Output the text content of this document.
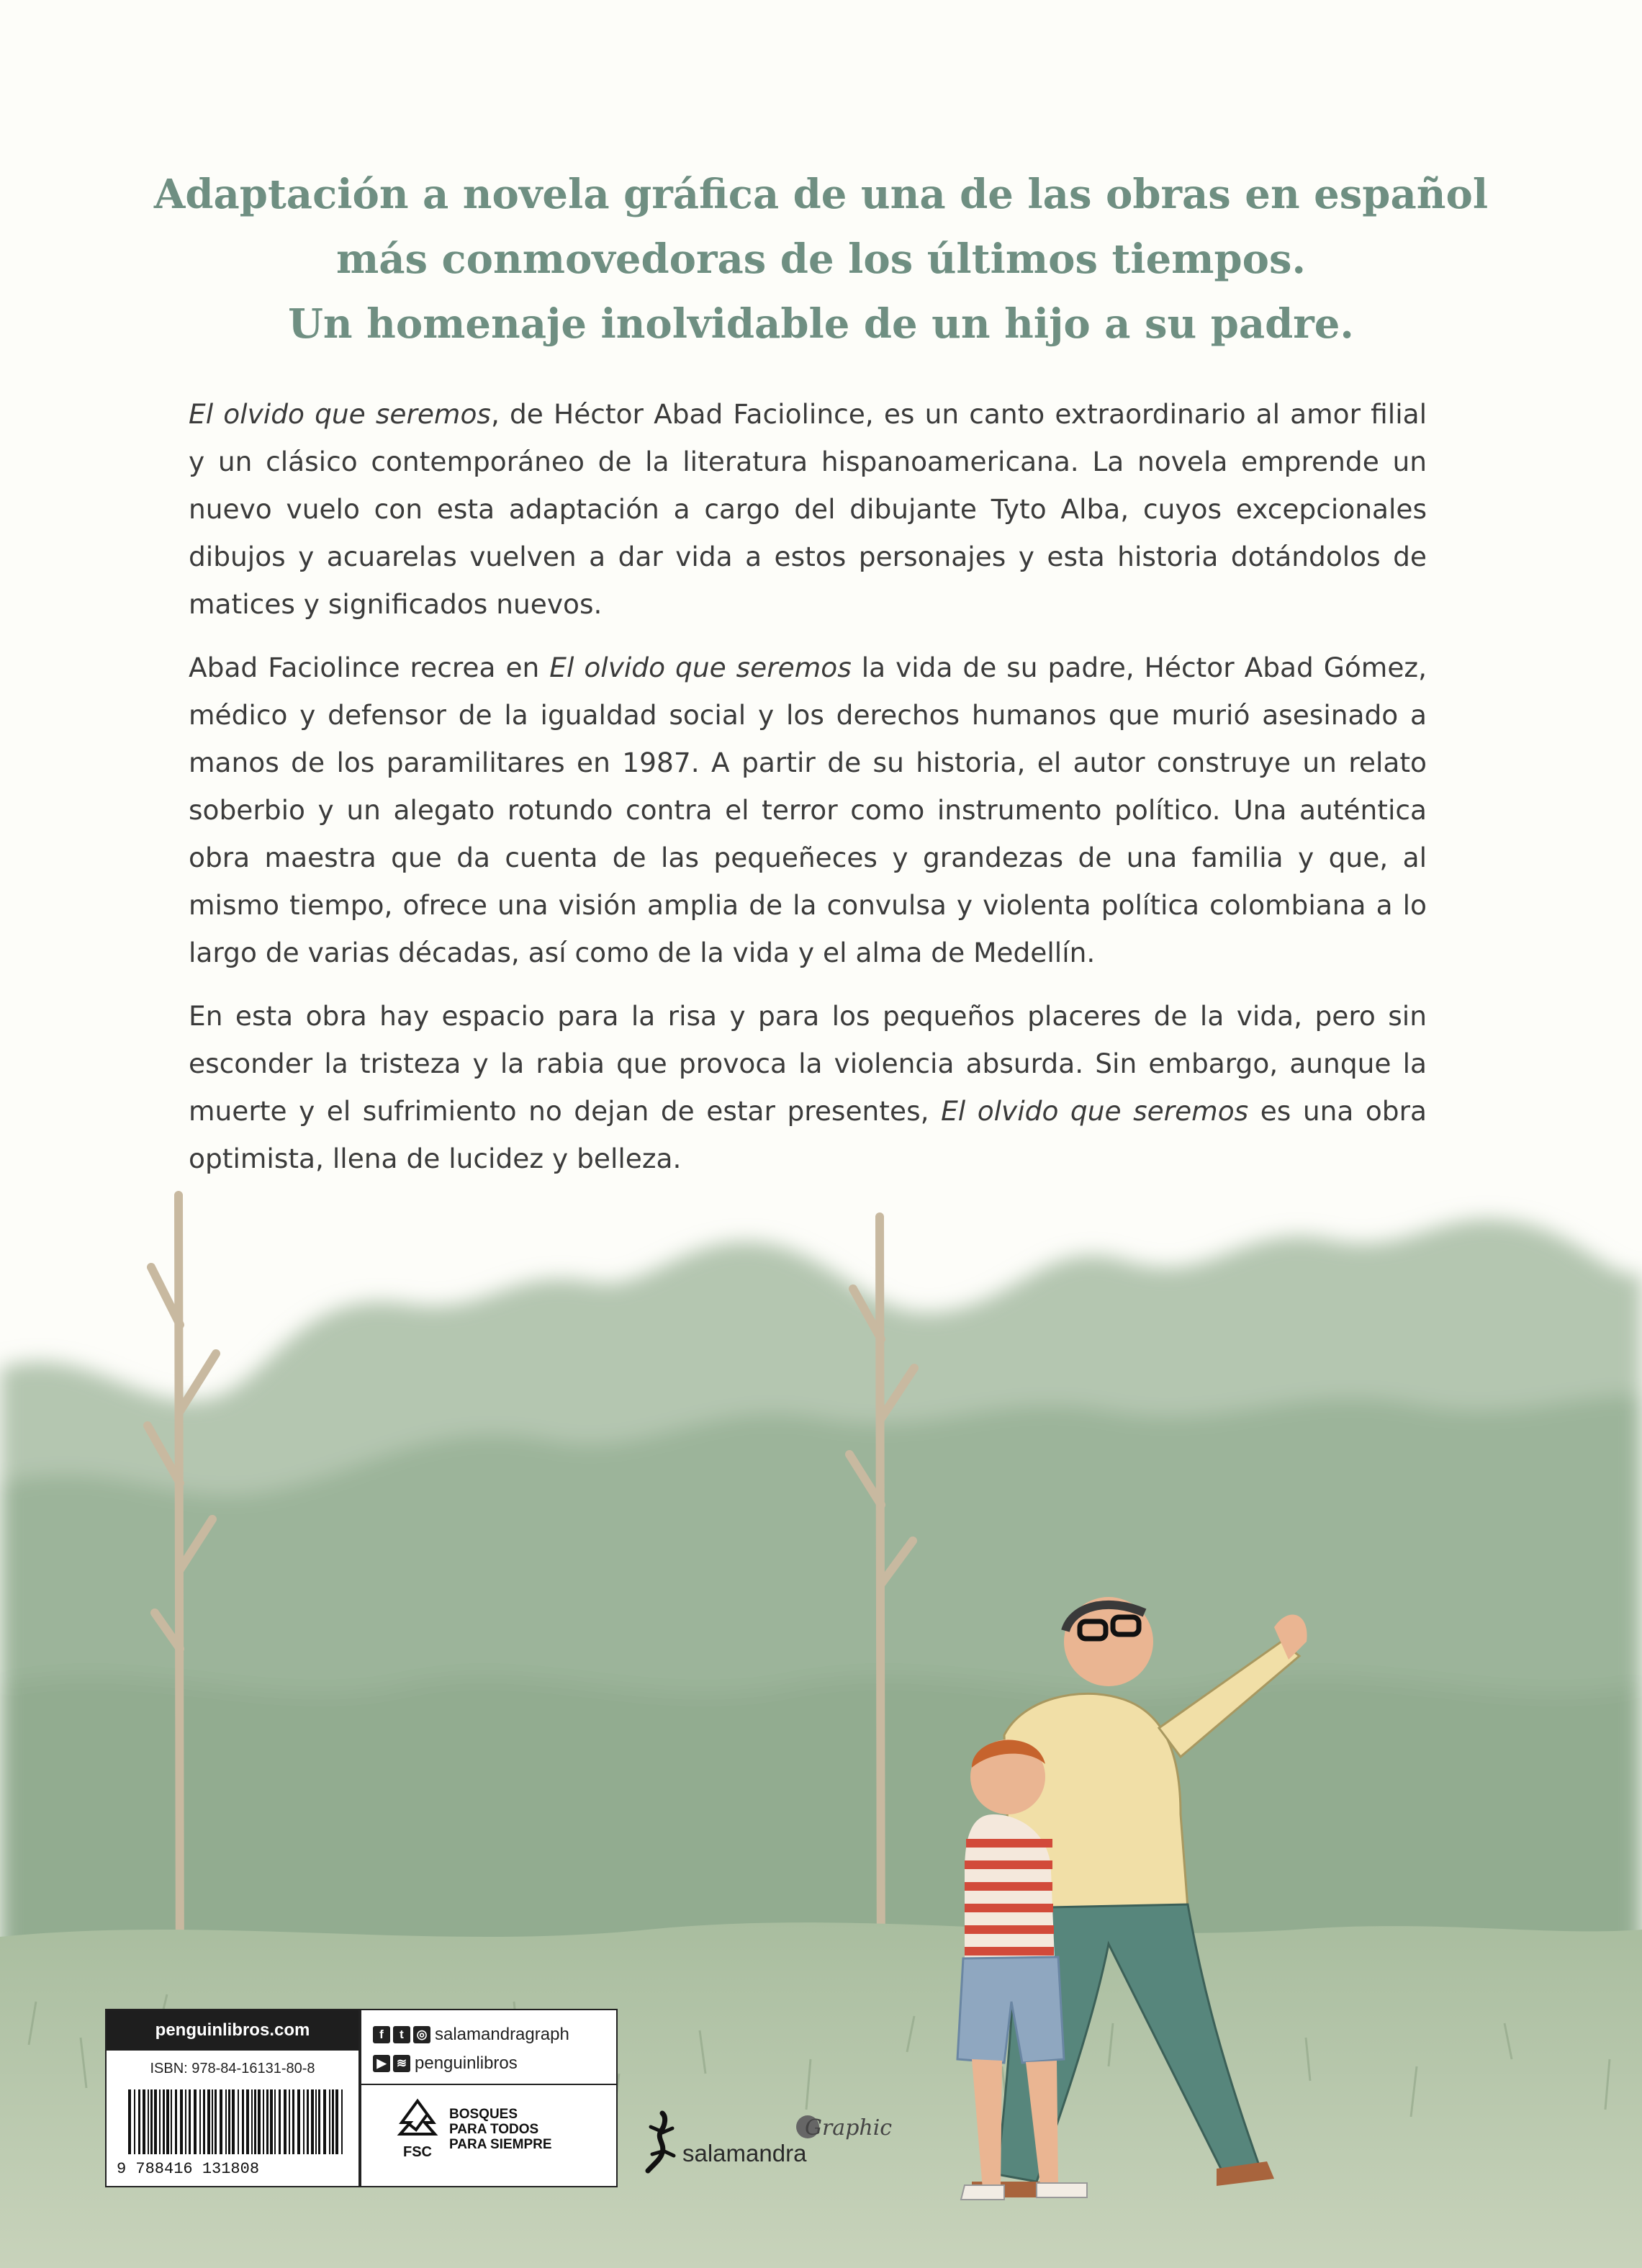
Adaptación a novela gráfica de una de las obras en español
más conmovedoras de los últimos tiempos.
Un homenaje inolvidable de un hijo a su padre.

El olvido que seremos, de Héctor Abad Faciolince, es un canto extraordinario al amor filial y un clásico contemporáneo de la literatura hispanoamericana. La novela emprende un nuevo vuelo con esta adaptación a cargo del dibujante Tyto Alba, cuyos excepcionales dibujos y acuarelas vuelven a dar vida a estos personajes y esta historia dotándolos de matices y significados nuevos.

Abad Faciolince recrea en El olvido que seremos la vida de su padre, Héctor Abad Gómez, médico y defensor de la igualdad social y los derechos humanos que murió asesinado a manos de los paramilitares en 1987. A partir de su historia, el autor construye un relato soberbio y un alegato rotundo contra el terror como instrumento político. Una auténtica obra maestra que da cuenta de las pequeñeces y grandezas de una familia y que, al mismo tiempo, ofrece una visión amplia de la convulsa y violenta política colombiana a lo largo de varias décadas, así como de la vida y el alma de Medellín.

En esta obra hay espacio para la risa y para los pequeños placeres de la vida, pero sin esconder la tristeza y la rabia que provoca la violencia absurda. Sin embargo, aunque la muerte y el sufrimiento no dejan de estar presentes, El olvido que seremos es una obra optimista, llena de lucidez y belleza.

penguinlibros.com
ISBN: 978-84-16131-80-8
9 788416 131808
f	t	◎ salamandragraph
▶ ≋ penguinlibros
FSC
BOSQUES
PARA TODOS
PARA SIEMPRE	salamandra
Graphic
